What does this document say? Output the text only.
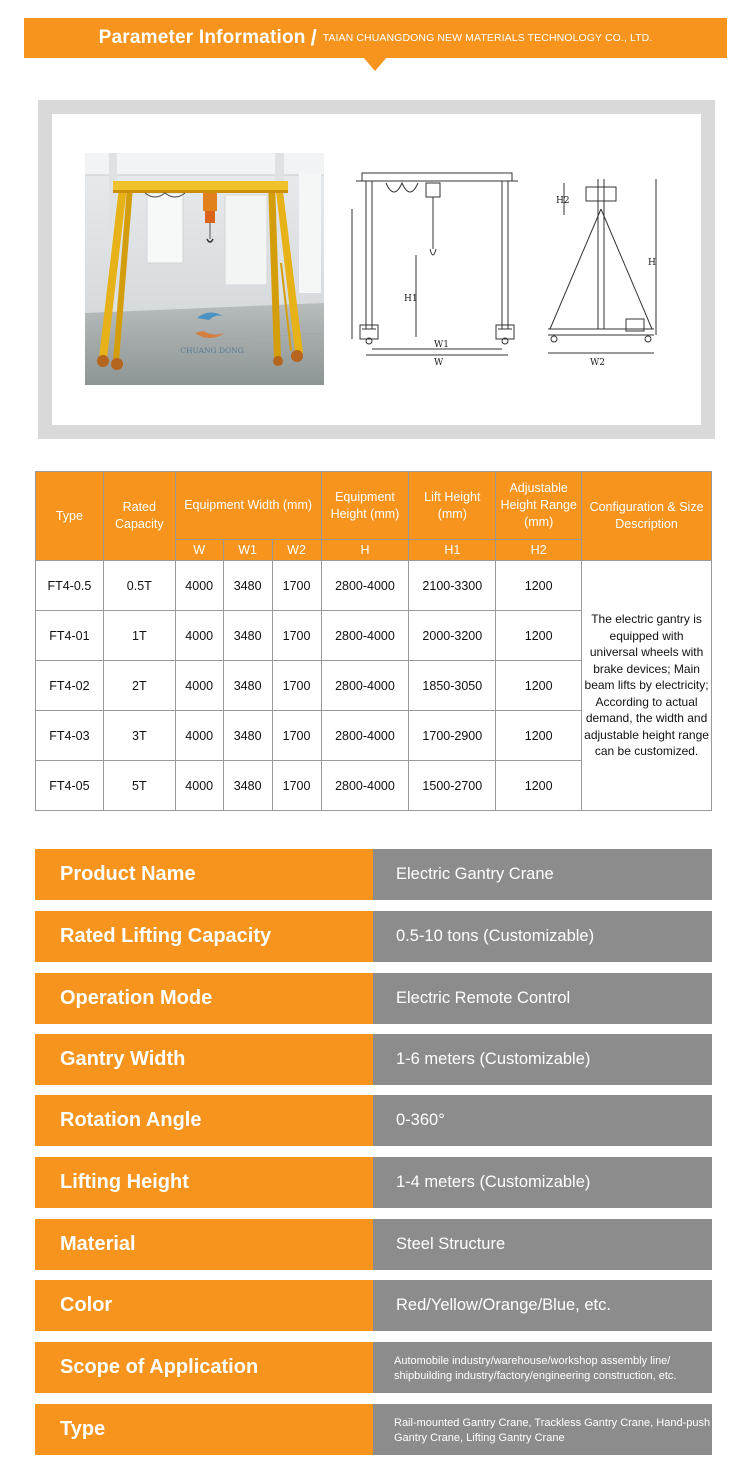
Parameter Information / TAIAN CHUANGDONG NEW MATERIALS TECHNOLOGY CO., LTD.
CHUANG DONG
W1
W
H1
W2
H
H2
Type	Rated Capacity	Equipment Width (mm)			Equipment Height (mm)	Lift Height (mm)	Adjustable Height Range (mm)	Configuration & Size Description
		W	W1	W2	H	H1	H2	
FT4-0.5	0.5T	4000	3480	1700	2800-4000	2100-3300	1200	The electric gantry is equipped with universal wheels with brake devices; Main beam lifts by electricity; According to actual demand, the width and adjustable height range can be customized.
FT4-01	1T	4000	3480	1700	2800-4000	2000-3200	1200	
FT4-02	2T	4000	3480	1700	2800-4000	1850-3050	1200	
FT4-03	3T	4000	3480	1700	2800-4000	1700-2900	1200	
FT4-05	5T	4000	3480	1700	2800-4000	1500-2700	1200	
Product Name	Electric Gantry Crane
Rated Lifting Capacity	0.5-10 tons (Customizable)
Operation Mode	Electric Remote Control
Gantry Width	1-6 meters (Customizable)
Rotation Angle	0-360°
Lifting Height	1-4 meters (Customizable)
Material	Steel Structure
Color	Red/Yellow/Orange/Blue, etc.
Scope of Application	Automobile industry/warehouse/workshop assembly line/ shipbuilding industry/factory/engineering construction, etc.
Type	Rail-mounted Gantry Crane, Trackless Gantry Crane, Hand-push Gantry Crane, Lifting Gantry Crane
